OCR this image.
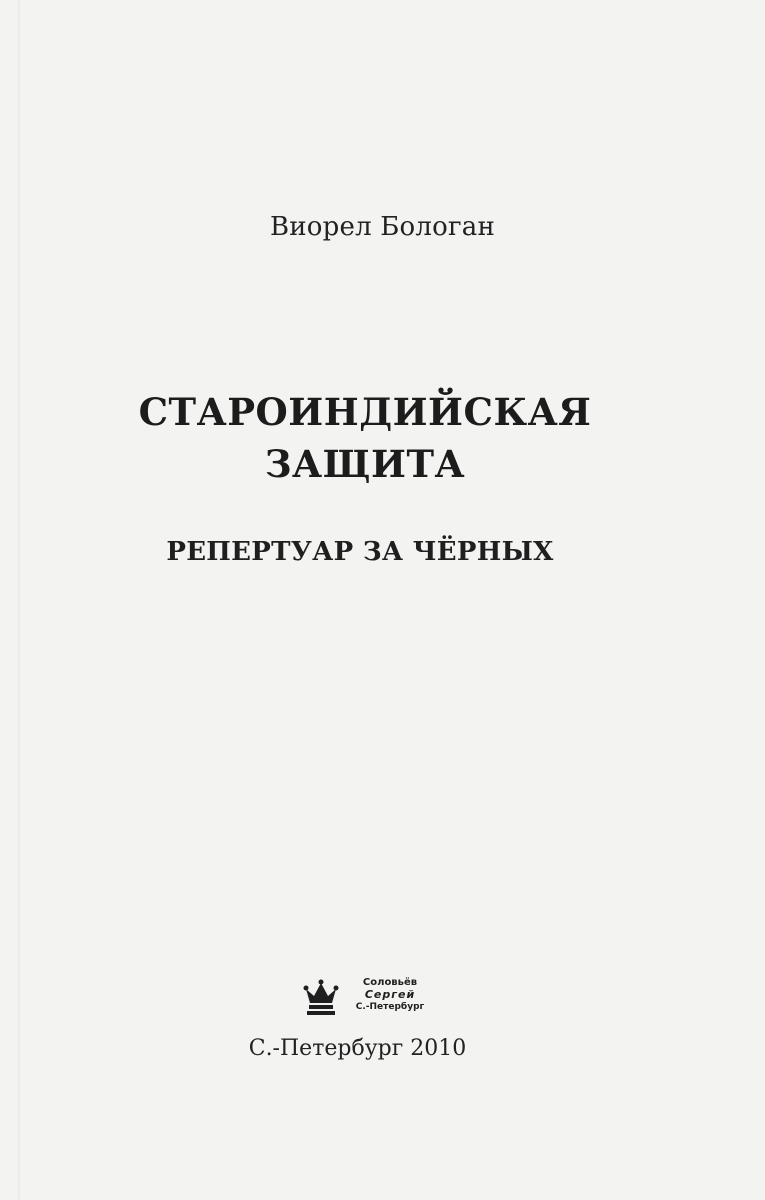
Виорел Бологан
СТАРОИНДИЙСКАЯ
ЗАЩИТА
РЕПЕРТУАР ЗА ЧЁРНЫХ
Соловьёв
Сергей
С.-Петербург
С.-Петербург 2010
